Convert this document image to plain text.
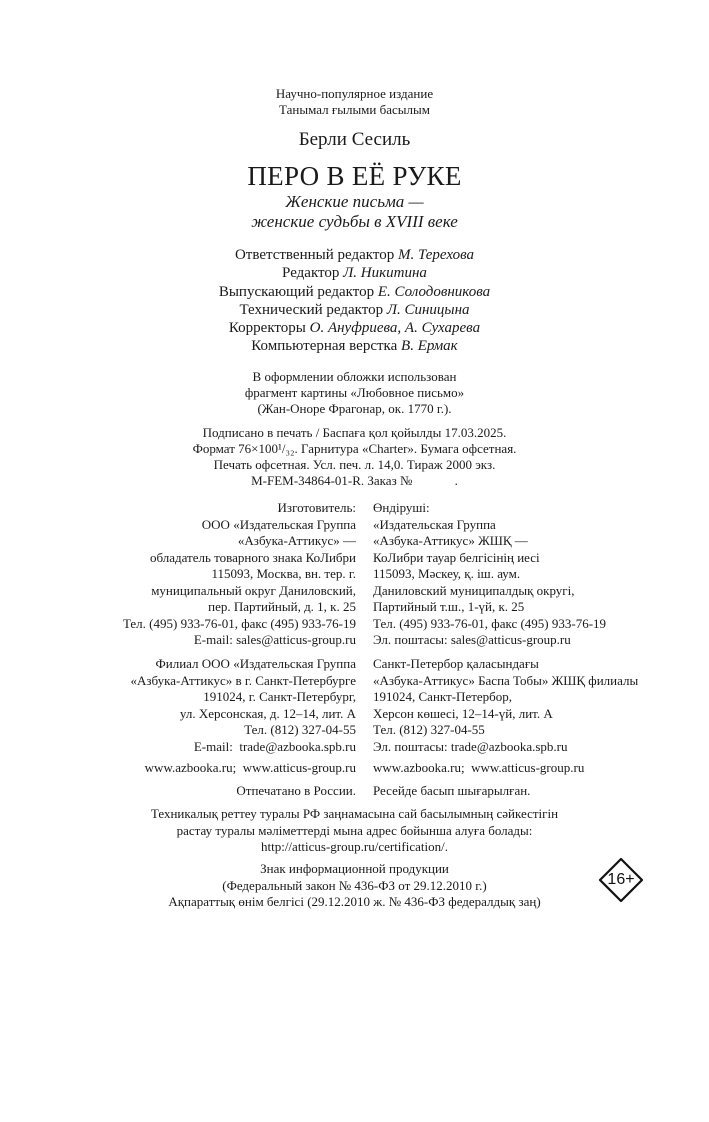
Научно-популярное издание
Танымал ғылыми басылым
Берли Сесиль
ПЕРО В ЕЁ РУКЕ
Женские письма —
женские судьбы в XVIII веке
Ответственный редактор М. Терехова
Редактор Л. Никитина
Выпускающий редактор Е. Солодовникова
Технический редактор Л. Синицына
Корректоры О. Ануфриева, А. Сухарева
Компьютерная верстка В. Ермак
В оформлении обложки использован
фрагмент картины «Любовное письмо»
(Жан-Оноре Фрагонар, ок. 1770 г.).
Подписано в печать / Баспаға қол қойылды 17.03.2025.
Формат 76×100¹/₃₂. Гарнитура «Charter». Бумага офсетная.
Печать офсетная. Усл. печ. л. 14,0. Тираж 2000 экз.
M-FEM-34864-01-R. Заказ №             .
Изготовитель:
ООО «Издательская Группа
«Азбука-Аттикус» —
обладатель товарного знака КоЛибри
115093, Москва, вн. тер. г.
муниципальный округ Даниловский,
пер. Партийный, д. 1, к. 25
Тел. (495) 933-76-01, факс (495) 933-76-19
E-mail: sales@atticus-group.ru
Өндіруші:
«Издательская Группа
«Азбука-Аттикус» ЖШҚ —
КоЛибри тауар белгісінің иесі
115093, Мәскеу, қ. іш. аум.
Даниловский муниципалдық округі,
Партийный т.ш., 1-үй, к. 25
Тел. (495) 933-76-01, факс (495) 933-76-19
Эл. поштасы: sales@atticus-group.ru
Филиал ООО «Издательская Группа
«Азбука-Аттикус» в г. Санкт-Петербурге
191024, г. Санкт-Петербург,
ул. Херсонская, д. 12–14, лит. А
Тел. (812) 327-04-55
E-mail:  trade@azbooka.spb.ru
Санкт-Петербор қаласындағы
«Азбука-Аттикус» Баспа Тобы» ЖШҚ филиалы
191024, Санкт-Петербор,
Херсон көшесі, 12–14-үй, лит. А
Тел. (812) 327-04-55
Эл. поштасы: trade@azbooka.spb.ru
www.azbooka.ru;  www.atticus-group.ru www.azbooka.ru;  www.atticus-group.ru
Отпечатано в России. Ресейде басып шығарылған.
Техникалық реттеу туралы РФ заңнамасына сай басылымның сәйкестігін
растау туралы мәліметтерді мына адрес бойынша алуға болады:
http://atticus-group.ru/certification/.
Знак информационной продукции
(Федеральный закон № 436-ФЗ от 29.12.2010 г.)
Ақпараттық өнім белгісі (29.12.2010 ж. № 436-ФЗ федералдық заң)
16+
